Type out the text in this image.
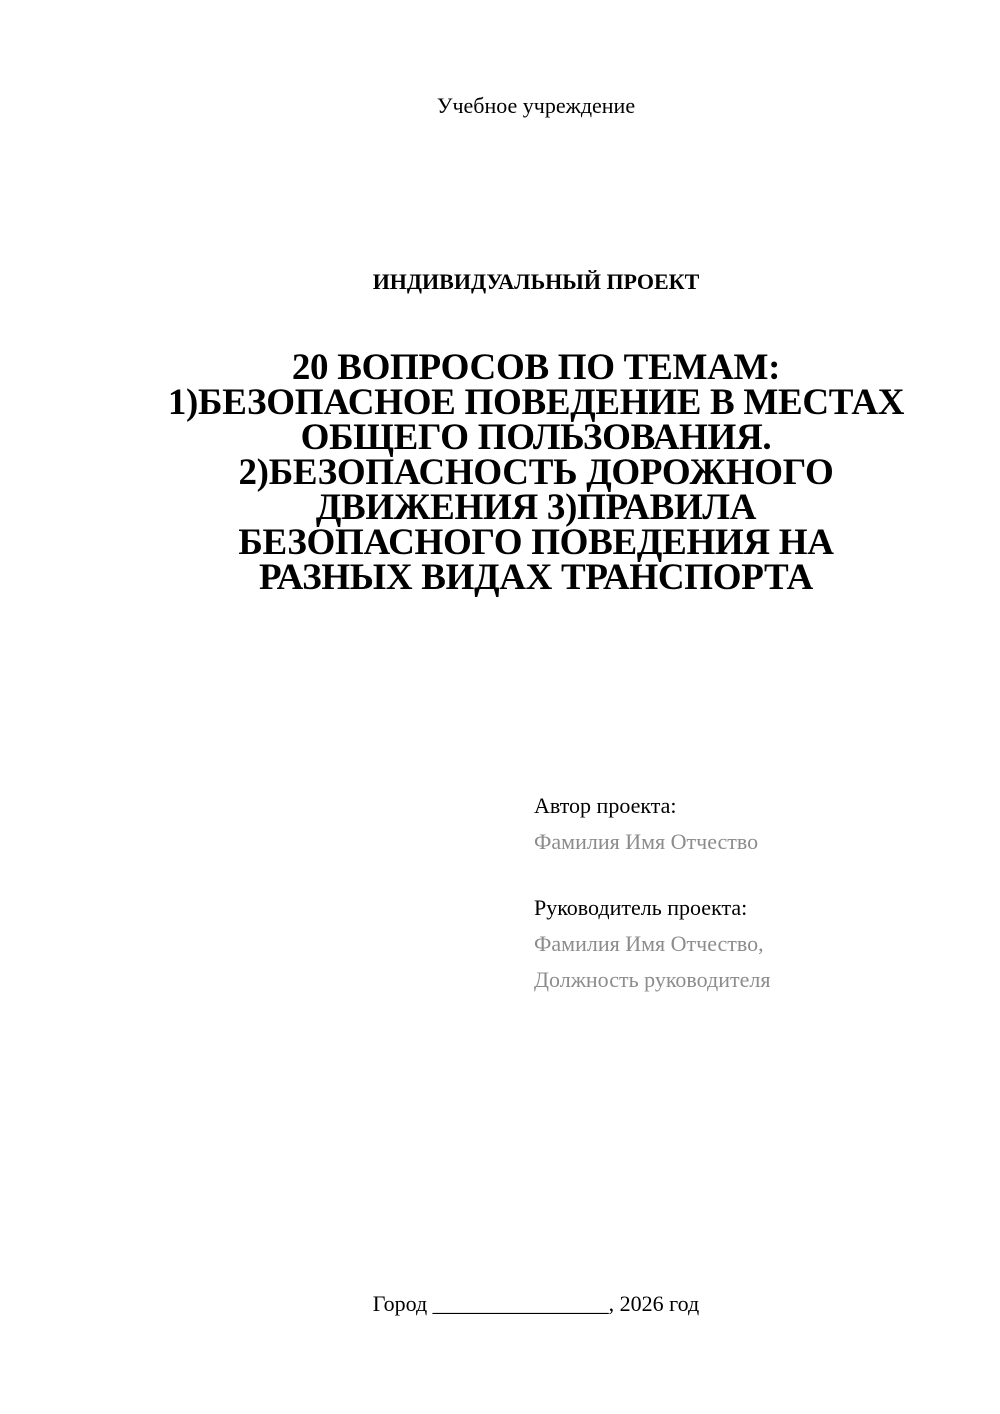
Учебное учреждение
ИНДИВИДУАЛЬНЫЙ ПРОЕКТ
20 ВОПРОСОВ ПО ТЕМАМ:
1)БЕЗОПАСНОЕ ПОВЕДЕНИЕ В МЕСТАХ
ОБЩЕГО ПОЛЬЗОВАНИЯ.
2)БЕЗОПАСНОСТЬ ДОРОЖНОГО
ДВИЖЕНИЯ 3)ПРАВИЛА
БЕЗОПАСНОГО ПОВЕДЕНИЯ НА
РАЗНЫХ ВИДАХ ТРАНСПОРТА
Автор проекта:
Фамилия Имя Отчество
Руководитель проекта:
Фамилия Имя Отчество,
Должность руководителя
Город ________________, 2026 год
